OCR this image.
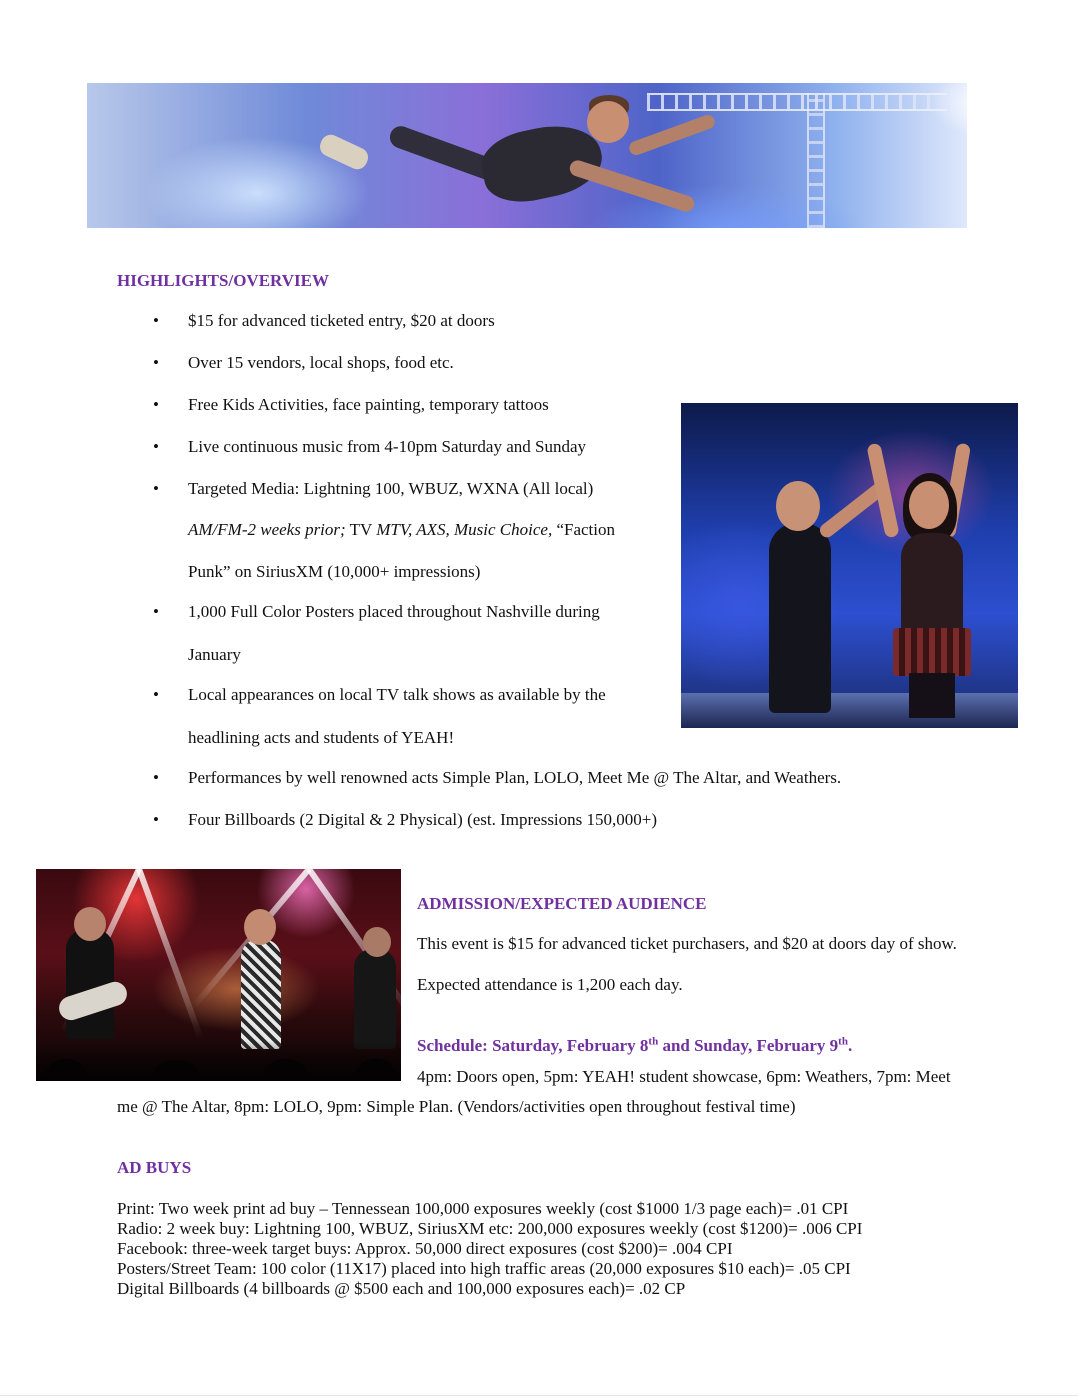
HIGHLIGHTS/OVERVIEW
•	$15 for advanced ticketed entry, $20 at doors
•	Over 15 vendors, local shops, food etc.
•	Free Kids Activities, face painting, temporary tattoos
•	Live continuous music from 4-10pm Saturday and Sunday
•	Targeted Media: Lightning 100, WBUZ, WXNA (All local)
•	1,000 Full Color Posters placed throughout Nashville during
•	Local appearances on local TV talk shows as available by the
•	Performances by well renowned acts Simple Plan, LOLO, Meet Me @ The Altar, and Weathers.
•	Four Billboards (2 Digital & 2 Physical) (est. Impressions 150,000+)
AM/FM-2 weeks prior; TV MTV, AXS, Music Choice, “Faction
Punk” on SiriusXM (10,000+ impressions)
January
headlining acts and students of YEAH!
ADMISSION/EXPECTED AUDIENCE

This event is $15 for advanced ticket purchasers, and $20 at doors day of show.

Expected attendance is 1,200 each day.

Schedule: Saturday, February 8th and Sunday, February 9th.

4pm: Doors open, 5pm: YEAH! student showcase, 6pm: Weathers, 7pm: Meet

me @ The Altar, 8pm: LOLO, 9pm: Simple Plan. (Vendors/activities open throughout festival time)

AD BUYS
Print: Two week print ad buy – Tennessean 100,000 exposures weekly (cost $1000 1/3 page each)= .01 CPI
Radio: 2 week buy: Lightning 100, WBUZ, SiriusXM etc: 200,000 exposures weekly (cost $1200)= .006 CPI
Facebook: three-week target buys: Approx. 50,000 direct exposures (cost $200)= .004 CPI
Posters/Street Team: 100 color (11X17) placed into high traffic areas (20,000 exposures $10 each)= .05 CPI
Digital Billboards (4 billboards @ $500 each and 100,000 exposures each)= .02 CP
